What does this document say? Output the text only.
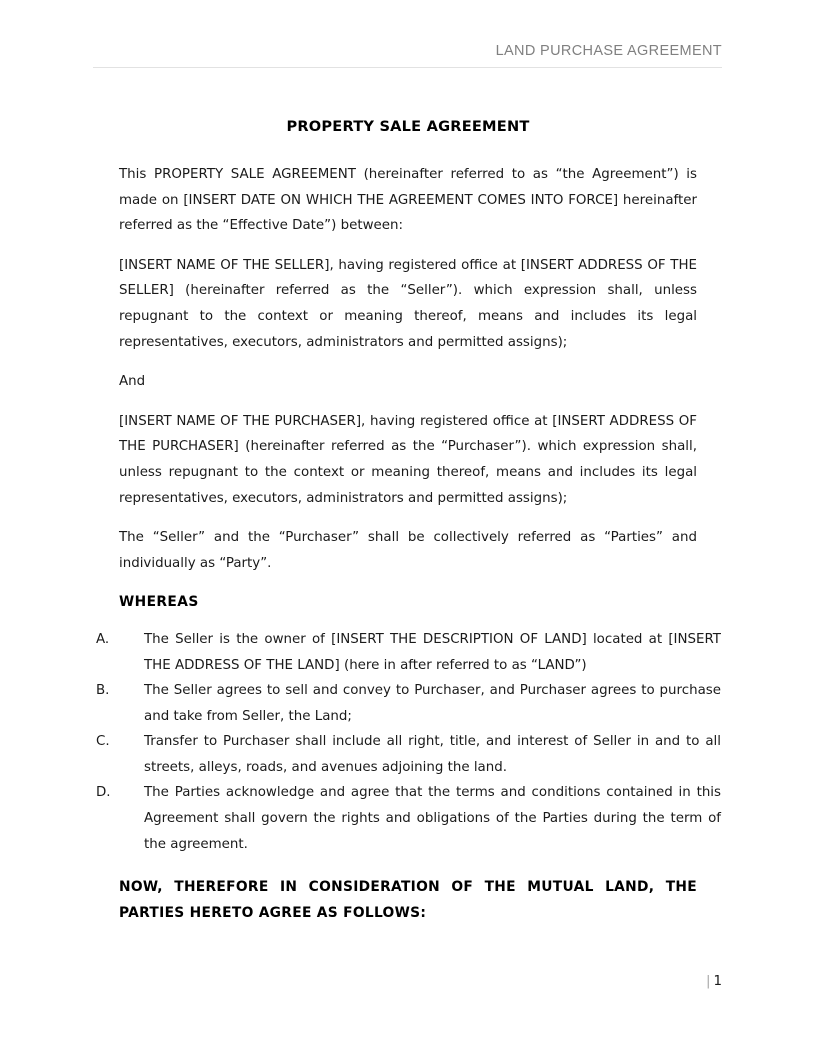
LAND PURCHASE AGREEMENT
PROPERTY SALE AGREEMENT

This PROPERTY SALE AGREEMENT (hereinafter referred to as “the Agreement”) is made on [INSERT DATE ON WHICH THE AGREEMENT COMES INTO FORCE] hereinafter referred as the “Effective Date”) between:

[INSERT NAME OF THE SELLER], having registered office at [INSERT ADDRESS OF THE SELLER] (hereinafter referred as the “Seller”). which expression shall, unless repugnant to the context or meaning thereof, means and includes its legal representatives, executors, administrators and permitted assigns);

And

[INSERT NAME OF THE PURCHASER], having registered office at [INSERT ADDRESS OF THE PURCHASER] (hereinafter referred as the “Purchaser”). which expression shall, unless repugnant to the context or meaning thereof, means and includes its legal representatives, executors, administrators and permitted assigns);

The “Seller” and the “Purchaser” shall be collectively referred as “Parties” and individually as “Party”.

WHEREAS
A.	The Seller is the owner of [INSERT THE DESCRIPTION OF LAND] located at [INSERT THE ADDRESS OF THE LAND] (here in after referred to as “LAND”)
B.	The Seller agrees to sell and convey to Purchaser, and Purchaser agrees to purchase and take from Seller, the Land;
C.	Transfer to Purchaser shall include all right, title, and interest of Seller in and to all streets, alleys, roads, and avenues adjoining the land.
D.	The Parties acknowledge and agree that the terms and conditions contained in this Agreement shall govern the rights and obligations of the Parties during the term of the agreement.

NOW, THEREFORE IN CONSIDERATION OF THE MUTUAL LAND, THE PARTIES HERETO AGREE AS FOLLOWS:

| 1
